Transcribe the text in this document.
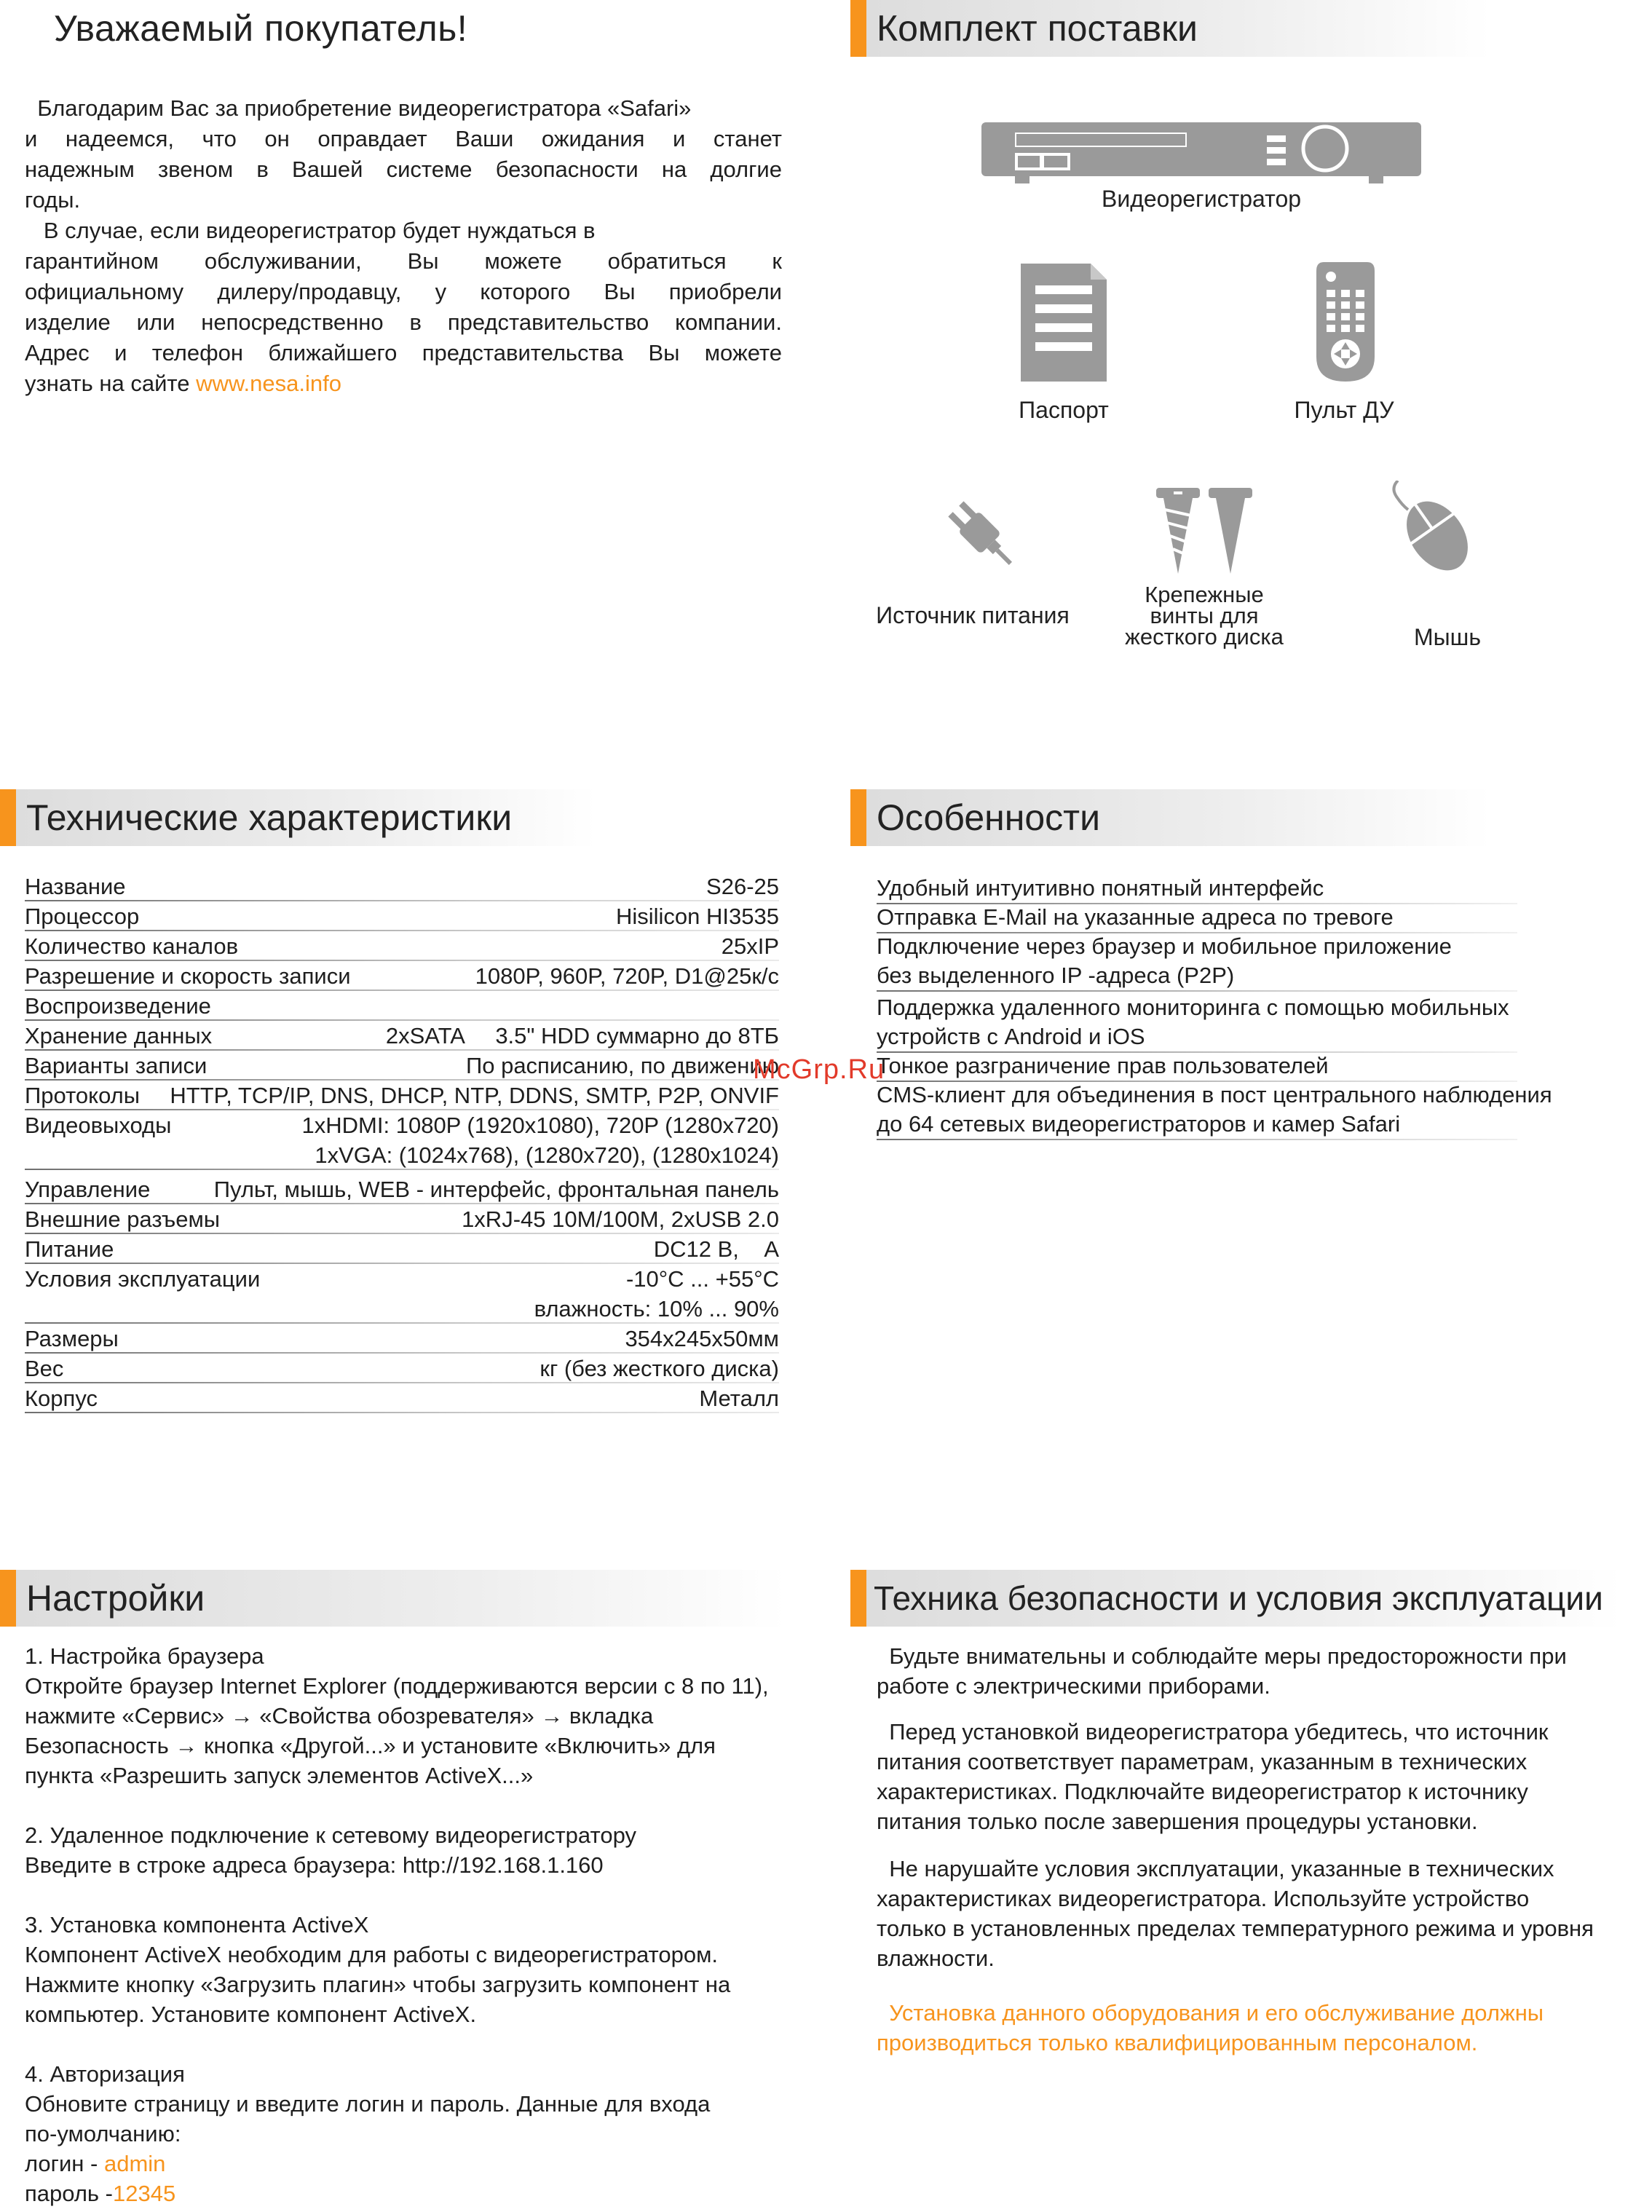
Уважаемый покупатель!
Благодарим Вас за приобретение видеорегистратора «Safari»
и надеемся, что он оправдает Ваши ожидания и станет
надежным звеном в Вашей системе безопасности на долгие
годы.
В случае, если видеорегистратор будет нуждаться в
гарантийном обслуживании, Вы можете обратиться к
официальному дилеру/продавцу, у которого Вы приобрели
изделие или непосредственно в представительство компании.
Адрес и телефон ближайшего представительства Вы можете
узнать на сайте www.nesa.info
Комплект поставки
Видеорегистратор
Паспорт	Пульт ДУ
Источник питания
Крепежные
винты для
жесткого диска	Мышь
Технические характеристики
Название	S26-25
Процессор	Hisilicon HI3535
Количество каналов	25xIP
Разрешение и скорость записи	1080P, 960P, 720P, D1@25к/с
Воспроизведение
Хранение данных	2xSATA     3.5" HDD суммарно до 8ТБ
Варианты записи	По расписанию, по движению
Протоколы HTTP, TCP/IP, DNS, DHCP, NTP, DDNS, SMTP, P2P, ONVIF
Видеовыходы	1xHDMI: 1080P (1920x1080), 720P (1280x720)
1xVGA: (1024x768), (1280x720), (1280x1024)
Управление	Пульт, мышь, WEB - интерфейс, фронтальная панель
Внешние разъемы	1xRJ-45 10M/100M, 2xUSB 2.0
Питание	DC12 В,    А
Условия эксплуатации	-10°C ... +55°C
влажность: 10% ... 90%
Размеры	354x245x50мм
Вес	кг (без жесткого диска)
Корпус	Металл
Особенности
Удобный интуитивно понятный интерфейс
Отправка E-Mail на указанные адреса по тревоге
Подключение через браузер и мобильное приложение
без выделенного IP -адреса (P2P)
Поддержка удаленного мониторинга с помощью мобильных
устройств с Android и iOS
Тонкое разграничение прав пользователей
CMS-клиент для объединения в пост центрального наблюдения
до 64 сетевых видеорегистраторов и камер Safari
McGrp.Ru
Настройки
1. Настройка браузера
Откройте браузер Internet Explorer (поддерживаются версии с 8 по 11),
нажмите «Сервис» → «Свойства обозревателя» → вкладка
Безопасность → кнопка «Другой...» и установите «Включить» для
пункта «Разрешить запуск элементов ActiveX...»
2. Удаленное подключение к сетевому видеорегистратору
Введите в строке адреса браузера: http://192.168.1.160
3. Установка компонента ActiveX
Компонент ActiveX необходим для работы с видеорегистратором.
Нажмите кнопку «Загрузить плагин» чтобы загрузить компонент на
компьютер. Установите компонент ActiveX.
4. Авторизация
Обновите страницу и введите логин и пароль. Данные для входа
по-умолчанию:
логин - admin
пароль -12345
Техника безопасности и условия эксплуатации
Будьте внимательны и соблюдайте меры предосторожности при
работе с электрическими приборами.
Перед установкой видеорегистратора убедитесь, что источник
питания соответствует параметрам, указанным в технических
характеристиках. Подключайте видеорегистратор к источнику
питания только после завершения процедуры установки.
Не нарушайте условия эксплуатации, указанные в технических
характеристиках видеорегистратора. Используйте устройство
только в установленных пределах температурного режима и уровня
влажности.
Установка данного оборудования и его обслуживание должны
производиться только квалифицированным персоналом.
